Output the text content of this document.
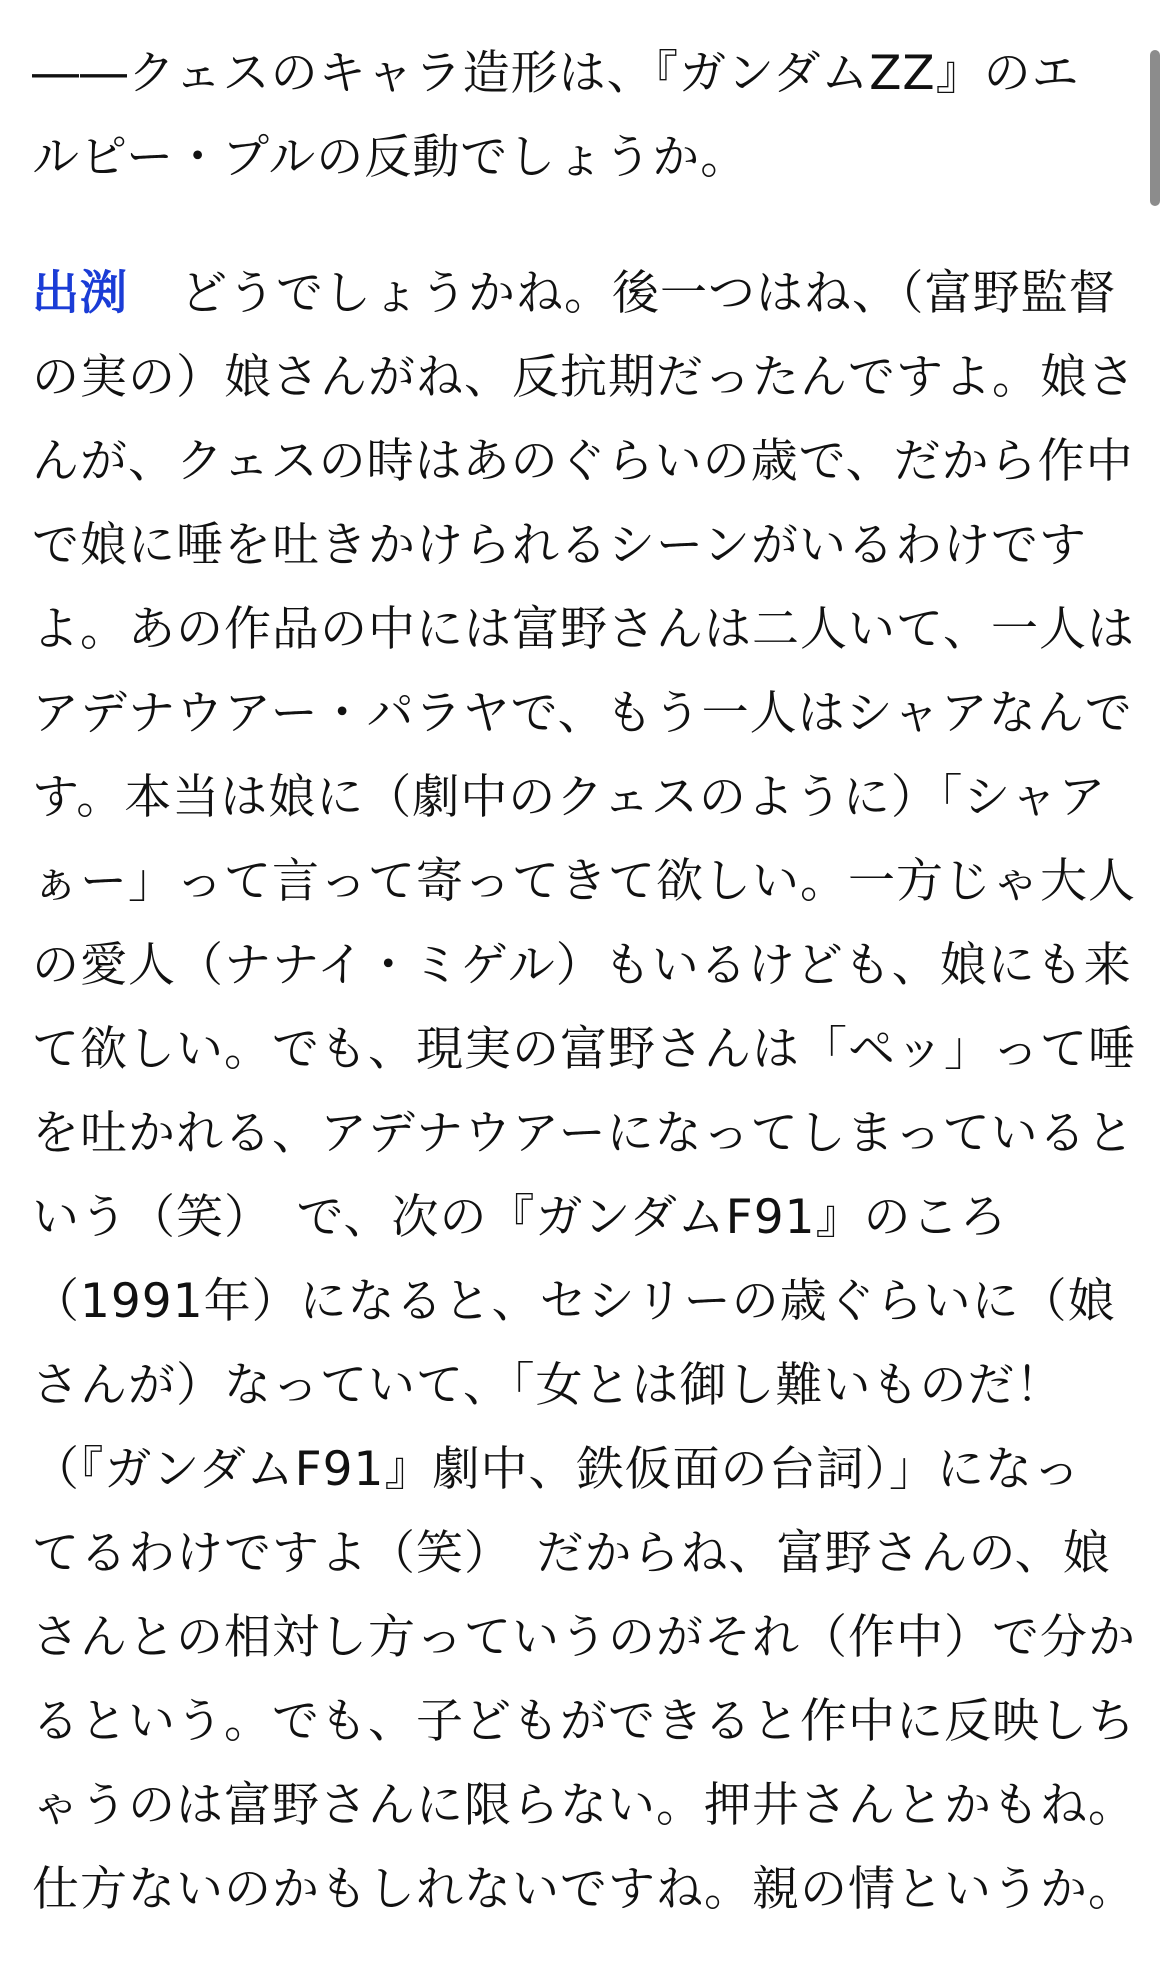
――クェスのキャラ造形は、『ガンダムZZ』のエ
ルピー・プルの反動でしょうか。
出渕 どうでしょうかね。後一つはね、（富野監督
の実の）娘さんがね、反抗期だったんですよ。娘さ
んが、クェスの時はあのぐらいの歳で、だから作中
で娘に唾を吐きかけられるシーンがいるわけです
よ。あの作品の中には富野さんは二人いて、一人は
アデナウアー・パラヤで、もう一人はシャアなんで
す。本当は娘に（劇中のクェスのように）「シャア
ぁー」って言って寄ってきて欲しい。一方じゃ大人
の愛人（ナナイ・ミゲル）もいるけども、娘にも来
て欲しい。でも、現実の富野さんは「ペッ」って唾
を吐かれる、アデナウアーになってしまっていると
いう（笑）　で、次の『ガンダムF91』のころ
（1991年）になると、セシリーの歳ぐらいに（娘
さんが）なっていて、「女とは御し難いものだ！
（『ガンダムF91』劇中、鉄仮面の台詞）」になっ
てるわけですよ（笑）　だからね、富野さんの、娘
さんとの相対し方っていうのがそれ（作中）で分か
るという。でも、子どもができると作中に反映しち
ゃうのは富野さんに限らない。押井さんとかもね。
仕方ないのかもしれないですね。親の情というか。
